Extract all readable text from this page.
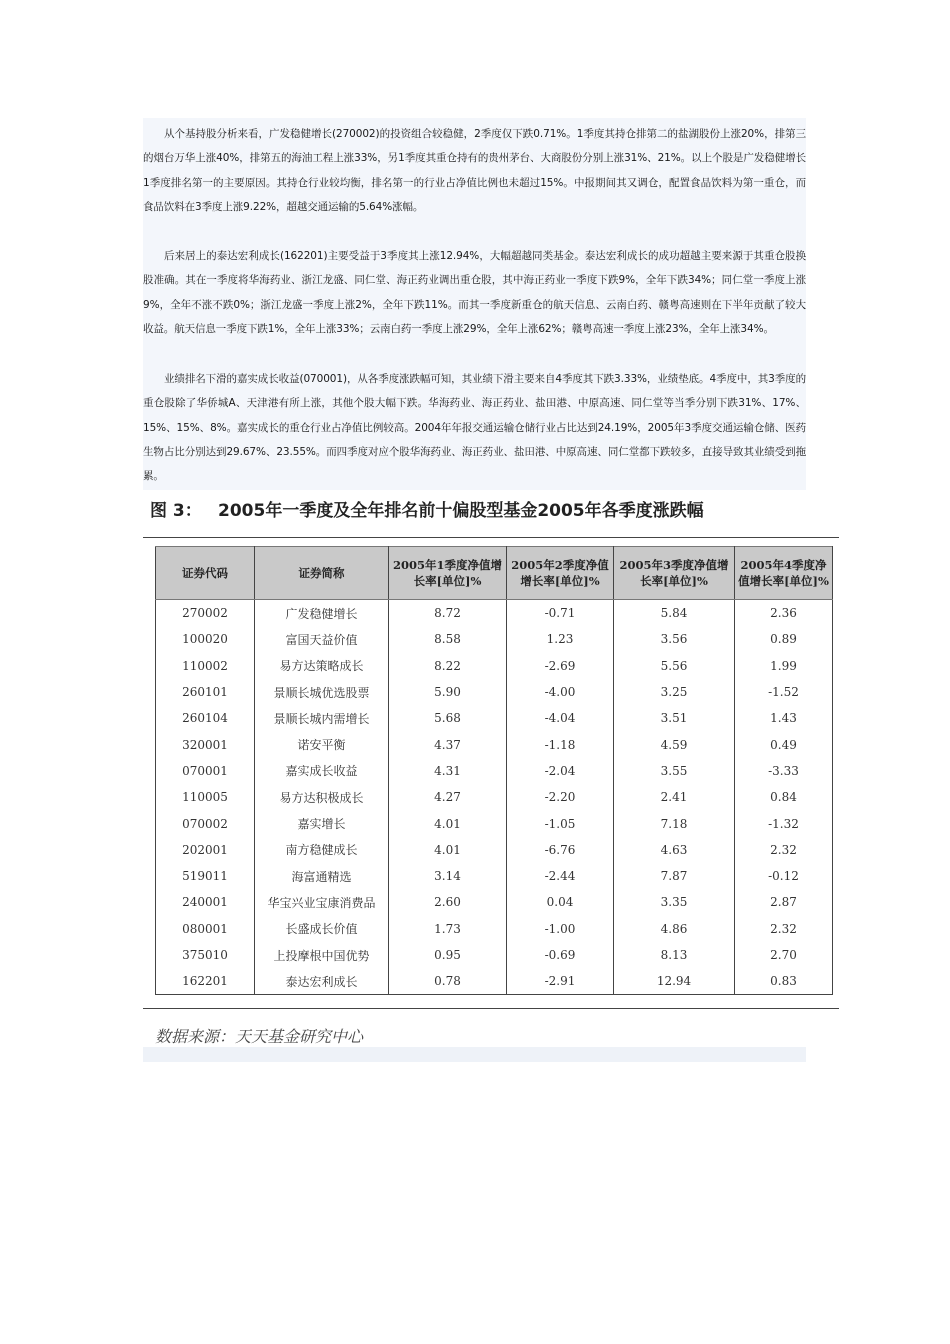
从个基持股分析来看，广发稳健增长(270002)的投资组合较稳健，2季度仅下跌0.71%。1季度其持仓排第二的盐湖股份上涨20%，排第三的烟台万华上涨40%，排第五的海油工程上涨33%，另1季度其重仓持有的贵州茅台、大商股份分别上涨31%、21%。以上个股是广发稳健增长1季度排名第一的主要原因。其持仓行业较均衡，排名第一的行业占净值比例也未超过15%。中报期间其又调仓，配置食品饮料为第一重仓，而食品饮料在3季度上涨9.22%，超越交通运输的5.64%涨幅。

后来居上的泰达宏利成长(162201)主要受益于3季度其上涨12.94%，大幅超越同类基金。泰达宏利成长的成功超越主要来源于其重仓股换股准确。其在一季度将华海药业、浙江龙盛、同仁堂、海正药业调出重仓股，其中海正药业一季度下跌9%，全年下跌34%；同仁堂一季度上涨9%，全年不涨不跌0%；浙江龙盛一季度上涨2%，全年下跌11%。而其一季度新重仓的航天信息、云南白药、赣粤高速则在下半年贡献了较大收益。航天信息一季度下跌1%，全年上涨33%；云南白药一季度上涨29%，全年上涨62%；赣粤高速一季度上涨23%，全年上涨34%。

业绩排名下滑的嘉实成长收益(070001)，从各季度涨跌幅可知，其业绩下滑主要来自4季度其下跌3.33%，业绩垫底。4季度中，其3季度的重仓股除了华侨城A、天津港有所上涨，其他个股大幅下跌。华海药业、海正药业、盐田港、中原高速、同仁堂等当季分别下跌31%、17%、15%、15%、8%。嘉实成长的重仓行业占净值比例较高。2004年年报交通运输仓储行业占比达到24.19%，2005年3季度交通运输仓储、医药生物占比分别达到29.67%、23.55%。而四季度对应个股华海药业、海正药业、盐田港、中原高速、同仁堂都下跌较多，直接导致其业绩受到拖累。

图 3： 2005年一季度及全年排名前十偏股型基金2005年各季度涨跌幅
证券代码	证券简称	2005年1季度净值增长率[单位]%	2005年2季度净值增长率[单位]%	2005年3季度净值增长率[单位]%	2005年4季度净值增长率[单位]%
270002	广发稳健增长	8.72	-0.71	5.84	2.36
100020	富国天益价值	8.58	1.23	3.56	0.89
110002	易方达策略成长	8.22	-2.69	5.56	1.99
260101	景顺长城优选股票	5.90	-4.00	3.25	-1.52
260104	景顺长城内需增长	5.68	-4.04	3.51	1.43
320001	诺安平衡	4.37	-1.18	4.59	0.49
070001	嘉实成长收益	4.31	-2.04	3.55	-3.33
110005	易方达积极成长	4.27	-2.20	2.41	0.84
070002	嘉实增长	4.01	-1.05	7.18	-1.32
202001	南方稳健成长	4.01	-6.76	4.63	2.32
519011	海富通精选	3.14	-2.44	7.87	-0.12
240001	华宝兴业宝康消费品	2.60	0.04	3.35	2.87
080001	长盛成长价值	1.73	-1.00	4.86	2.32
375010	上投摩根中国优势	0.95	-0.69	8.13	2.70
162201	泰达宏利成长	0.78	-2.91	12.94	0.83
数据来源：天天基金研究中心
